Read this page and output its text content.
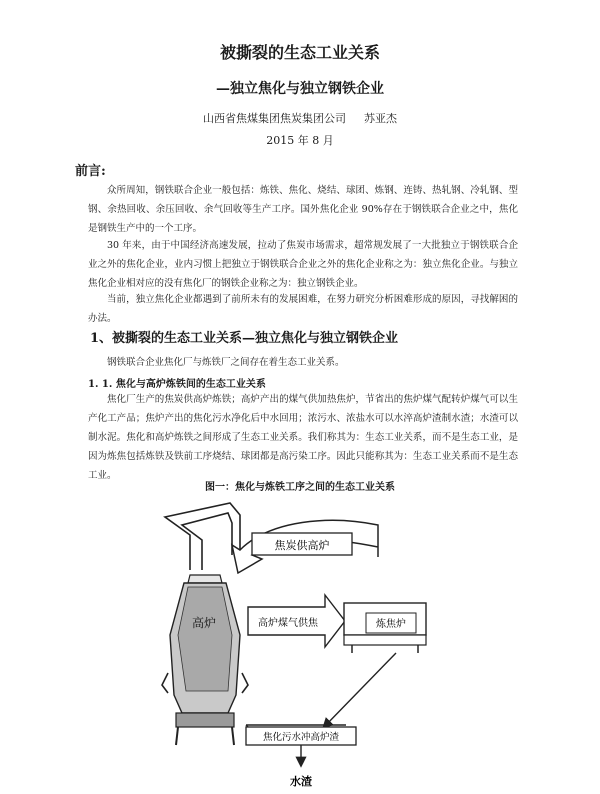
被撕裂的生态工业关系
—独立焦化与独立钢铁企业
山西省焦煤集团焦炭集团公司 苏亚杰
2015 年 8 月
前言:
众所周知，钢铁联合企业一般包括：炼铁、焦化、烧结、球团、炼钢、连铸、热轧钢、冷轧钢、型钢、余热回收、余压回收、余气回收等生产工序。国外焦化企业 90%存在于钢铁联合企业之中，焦化是钢铁生产中的一个工序。
30 年来，由于中国经济高速发展，拉动了焦炭市场需求，超常规发展了一大批独立于钢铁联合企业之外的焦化企业，业内习惯上把独立于钢铁联合企业之外的焦化企业称之为：独立焦化企业。与独立焦化企业相对应的没有焦化厂的钢铁企业称之为：独立钢铁企业。
当前，独立焦化企业都遇到了前所未有的发展困难，在努力研究分析困难形成的原因，寻找解困的办法。
1、被撕裂的生态工业关系—独立焦化与独立钢铁企业
钢铁联合企业焦化厂与炼铁厂之间存在着生态工业关系。
1. 1. 焦化与高炉炼铁间的生态工业关系
焦化厂生产的焦炭供高炉炼铁；高炉产出的煤气供加热焦炉，节省出的焦炉煤气配转炉煤气可以生产化工产品；焦炉产出的焦化污水净化后中水回用；浓污水、浓盐水可以水淬高炉渣制水渣；水渣可以制水泥。焦化和高炉炼铁之间形成了生态工业关系。我们称其为：生态工业关系，而不是生态工业，是因为炼焦包括炼铁及铁前工序烧结、球团都是高污染工序。因此只能称其为：生态工业关系而不是生态工业。
图一：焦化与炼铁工序之间的生态工业关系
焦炭供高炉
高炉	高炉煤气供焦	炼焦炉
焦化污水冲高炉渣
水渣
